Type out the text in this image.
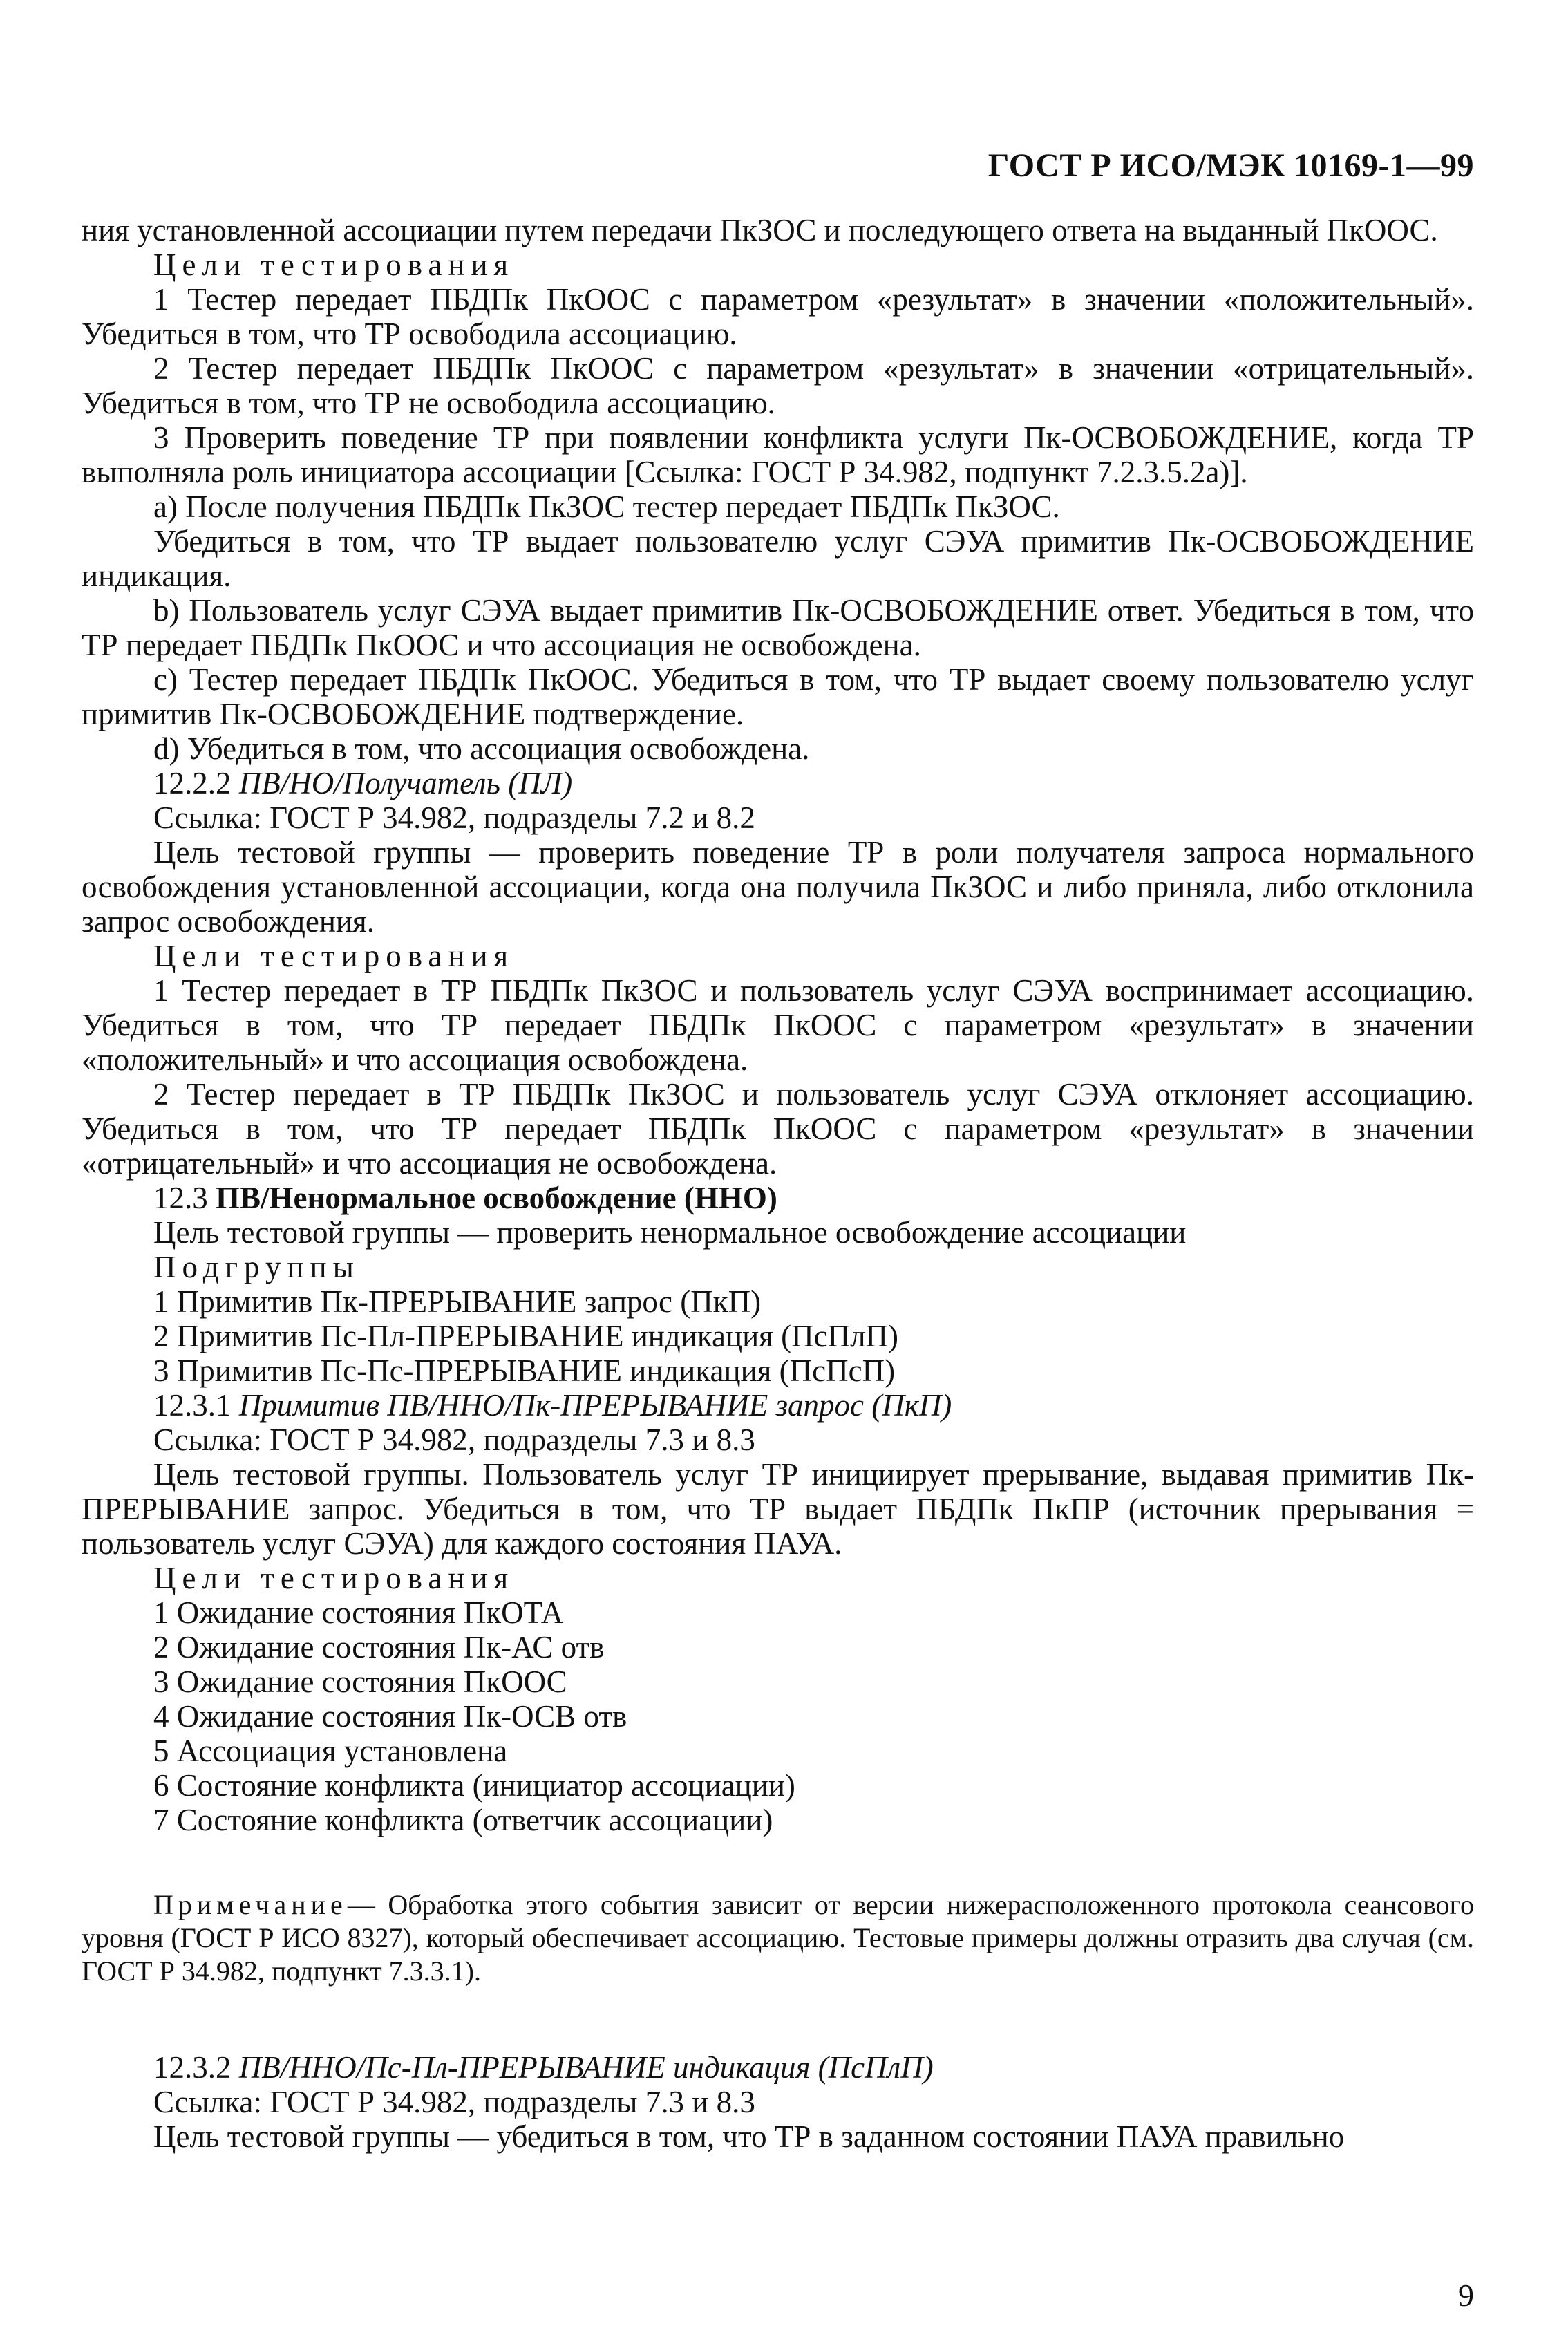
ГОСТ Р ИСО/МЭК 10169-1—99

ния установленной ассоциации путем передачи ПкЗОС и последующего ответа на выданный ПкООС.

Цели тестирования

1 Тестер передает ПБДПк ПкООС с параметром «результат» в значении «положительный». Убедиться в том, что ТР освободила ассоциацию.

2 Тестер передает ПБДПк ПкООС с параметром «результат» в значении «отрицательный». Убедиться в том, что ТР не освободила ассоциацию.

3 Проверить поведение ТР при появлении конфликта услуги Пк-ОСВОБОЖДЕНИЕ, когда ТР выполняла роль инициатора ассоциации [Ссылка: ГОСТ Р 34.982, подпункт 7.2.3.5.2а)].

a) После получения ПБДПк ПкЗОС тестер передает ПБДПк ПкЗОС.

Убедиться в том, что ТР выдает пользователю услуг СЭУА примитив Пк-ОСВОБОЖДЕНИЕ индикация.

b) Пользователь услуг СЭУА выдает примитив Пк-ОСВОБОЖДЕНИЕ ответ. Убедиться в том, что ТР передает ПБДПк ПкООС и что ассоциация не освобождена.

c) Тестер передает ПБДПк ПкООС. Убедиться в том, что ТР выдает своему пользователю услуг примитив Пк-ОСВОБОЖДЕНИЕ подтверждение.

d) Убедиться в том, что ассоциация освобождена.

12.2.2 ПВ/НО/Получатель (ПЛ)

Ссылка: ГОСТ Р 34.982, подразделы 7.2 и 8.2

Цель тестовой группы — проверить поведение ТР в роли получателя запроса нормального освобождения установленной ассоциации, когда она получила ПкЗОС и либо приняла, либо отклонила запрос освобождения.

Цели тестирования

1 Тестер передает в ТР ПБДПк ПкЗОС и пользователь услуг СЭУА воспринимает ассоциацию. Убедиться в том, что ТР передает ПБДПк ПкООС с параметром «результат» в значении «положительный» и что ассоциация освобождена.

2 Тестер передает в ТР ПБДПк ПкЗОС и пользователь услуг СЭУА отклоняет ассоциацию. Убедиться в том, что ТР передает ПБДПк ПкООС с параметром «результат» в значении «отрицательный» и что ассоциация не освобождена.

12.3 ПВ/Ненормальное освобождение (ННО)

Цель тестовой группы — проверить ненормальное освобождение ассоциации

Подгруппы

1 Примитив Пк-ПРЕРЫВАНИЕ запрос (ПкП)

2 Примитив Пс-Пл-ПРЕРЫВАНИЕ индикация (ПсПлП)

3 Примитив Пс-Пс-ПРЕРЫВАНИЕ индикация (ПсПсП)

12.3.1 Примитив ПВ/ННО/Пк-ПРЕРЫВАНИЕ запрос (ПкП)

Ссылка: ГОСТ Р 34.982, подразделы 7.3 и 8.3

Цель тестовой группы. Пользователь услуг ТР инициирует прерывание, выдавая примитив Пк-ПРЕРЫВАНИЕ запрос. Убедиться в том, что ТР выдает ПБДПк ПкПР (источник прерывания = пользователь услуг СЭУА) для каждого состояния ПАУА.

Цели тестирования

1 Ожидание состояния ПкОТА

2 Ожидание состояния Пк-АС отв

3 Ожидание состояния ПкООС

4 Ожидание состояния Пк-ОСВ отв

5 Ассоциация установлена

6 Состояние конфликта (инициатор ассоциации)

7 Состояние конфликта (ответчик ассоциации)

Примечание— Обработка этого события зависит от версии нижерасположенного протокола сеансового уровня (ГОСТ Р ИСО 8327), который обеспечивает ассоциацию. Тестовые примеры должны отразить два случая (см. ГОСТ Р 34.982, подпункт 7.3.3.1).

12.3.2 ПВ/ННО/Пс-Пл-ПРЕРЫВАНИЕ индикация (ПсПлП)

Ссылка: ГОСТ Р 34.982, подразделы 7.3 и 8.3

Цель тестовой группы — убедиться в том, что ТР в заданном состоянии ПАУА правильно

9
